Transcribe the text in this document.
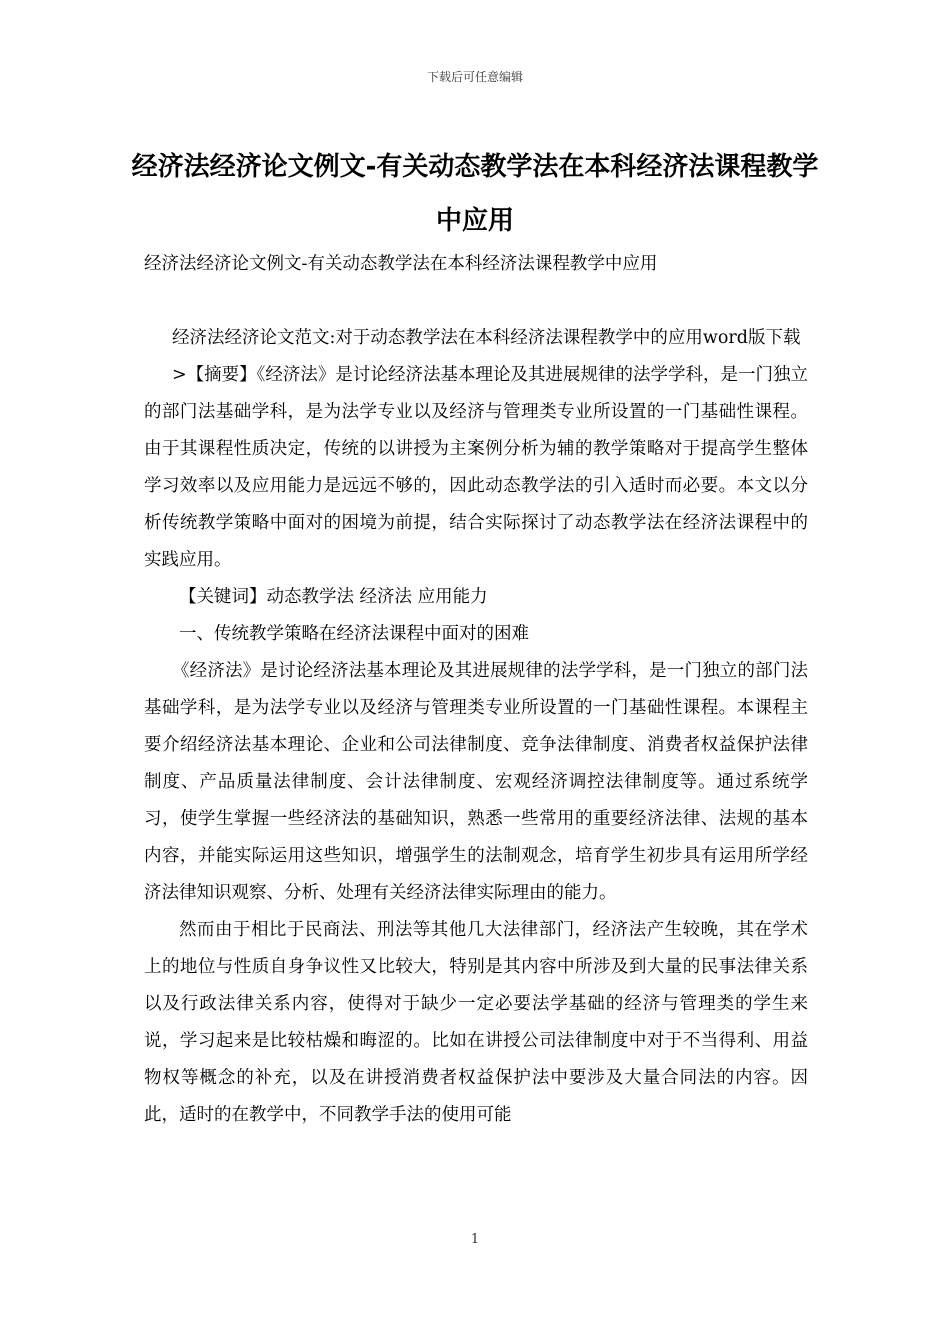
下载后可任意编辑
经济法经济论文例文-有关动态教学法在本科经济法课程教学中应用

经济法经济论文例文-有关动态教学法在本科经济法课程教学中应用

经济法经济论文范文:对于动态教学法在本科经济法课程教学中的应用word版下载

>【摘要】《经济法》是讨论经济法基本理论及其进展规律的法学学科，是一门独立的部门法基础学科，是为法学专业以及经济与管理类专业所设置的一门基础性课程。由于其课程性质决定，传统的以讲授为主案例分析为辅的教学策略对于提高学生整体学习效率以及应用能力是远远不够的，因此动态教学法的引入适时而必要。本文以分析传统教学策略中面对的困境为前提，结合实际探讨了动态教学法在经济法课程中的实践应用。

【关键词】动态教学法 经济法 应用能力

一、传统教学策略在经济法课程中面对的困难

《经济法》是讨论经济法基本理论及其进展规律的法学学科，是一门独立的部门法基础学科，是为法学专业以及经济与管理类专业所设置的一门基础性课程。本课程主要介绍经济法基本理论、企业和公司法律制度、竞争法律制度、消费者权益保护法律制度、产品质量法律制度、会计法律制度、宏观经济调控法律制度等。通过系统学习，使学生掌握一些经济法的基础知识，熟悉一些常用的重要经济法律、法规的基本内容，并能实际运用这些知识，增强学生的法制观念，培育学生初步具有运用所学经济法律知识观察、分析、处理有关经济法律实际理由的能力。

然而由于相比于民商法、刑法等其他几大法律部门，经济法产生较晚，其在学术上的地位与性质自身争议性又比较大，特别是其内容中所涉及到大量的民事法律关系以及行政法律关系内容，使得对于缺少一定必要法学基础的经济与管理类的学生来说，学习起来是比较枯燥和晦涩的。比如在讲授公司法律制度中对于不当得利、用益物权等概念的补充，以及在讲授消费者权益保护法中要涉及大量合同法的内容。因此，适时的在教学中，不同教学手法的使用可能

1
